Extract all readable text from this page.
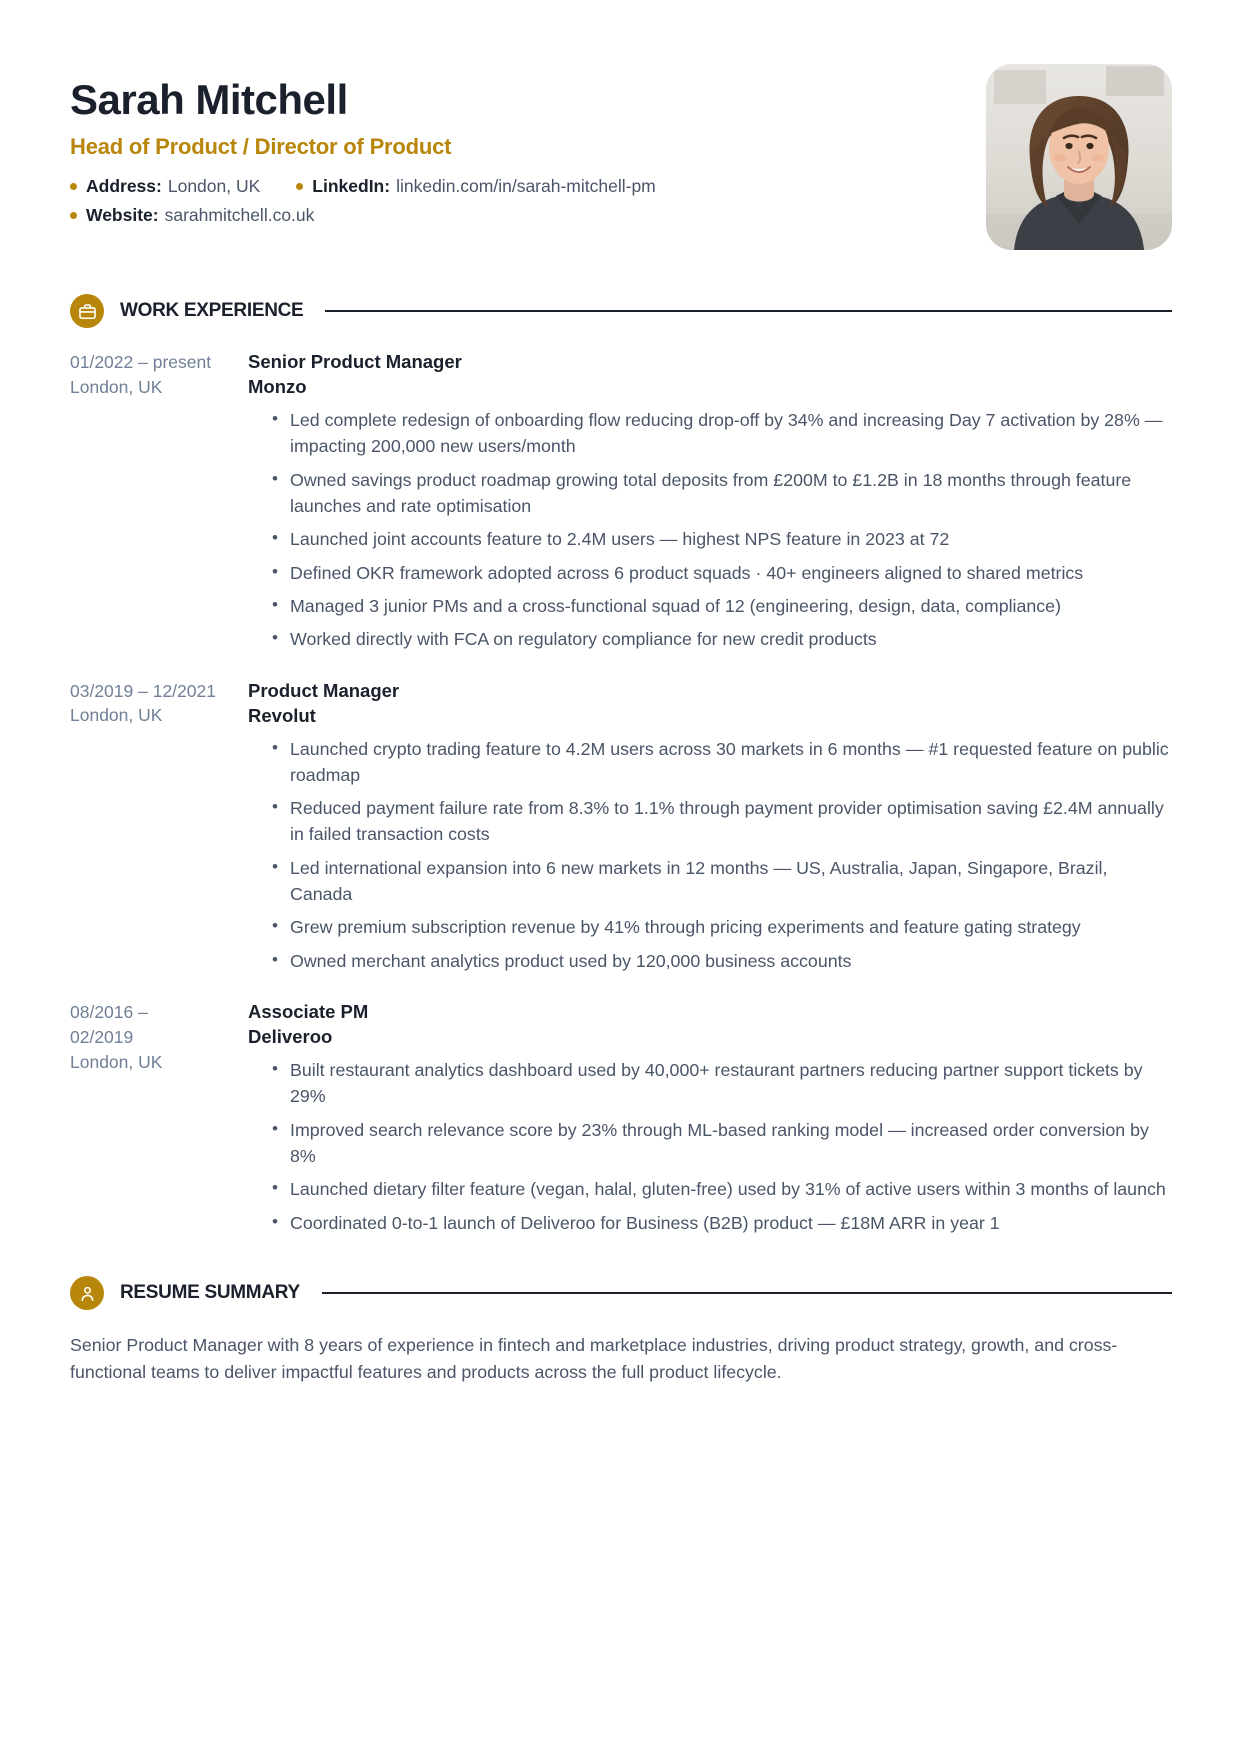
Sarah Mitchell
Head of Product / Director of Product
Address: London, UK	LinkedIn: linkedin.com/in/sarah-mitchell-pm
Website: sarahmitchell.co.uk
WORK EXPERIENCE
01/2022 – present
London, UK
Senior Product Manager
Monzo
• Led complete redesign of onboarding flow reducing drop-off by 34% and increasing Day 7 activation by 28% — impacting 200,000 new users/month
• Owned savings product roadmap growing total deposits from £200M to £1.2B in 18 months through feature launches and rate optimisation
• Launched joint accounts feature to 2.4M users — highest NPS feature in 2023 at 72
• Defined OKR framework adopted across 6 product squads · 40+ engineers aligned to shared metrics
• Managed 3 junior PMs and a cross-functional squad of 12 (engineering, design, data, compliance)
• Worked directly with FCA on regulatory compliance for new credit products
03/2019 – 12/2021
London, UK
Product Manager
Revolut
• Launched crypto trading feature to 4.2M users across 30 markets in 6 months — #1 requested feature on public roadmap
• Reduced payment failure rate from 8.3% to 1.1% through payment provider optimisation saving £2.4M annually in failed transaction costs
• Led international expansion into 6 new markets in 12 months — US, Australia, Japan, Singapore, Brazil, Canada
• Grew premium subscription revenue by 41% through pricing experiments and feature gating strategy
• Owned merchant analytics product used by 120,000 business accounts
08/2016 – 02/2019
London, UK
Associate PM
Deliveroo
• Built restaurant analytics dashboard used by 40,000+ restaurant partners reducing partner support tickets by 29%
• Improved search relevance score by 23% through ML-based ranking model — increased order conversion by 8%
• Launched dietary filter feature (vegan, halal, gluten-free) used by 31% of active users within 3 months of launch
• Coordinated 0-to-1 launch of Deliveroo for Business (B2B) product — £18M ARR in year 1
RESUME SUMMARY

Senior Product Manager with 8 years of experience in fintech and marketplace industries, driving product strategy, growth, and cross-functional teams to deliver impactful features and products across the full product lifecycle.
